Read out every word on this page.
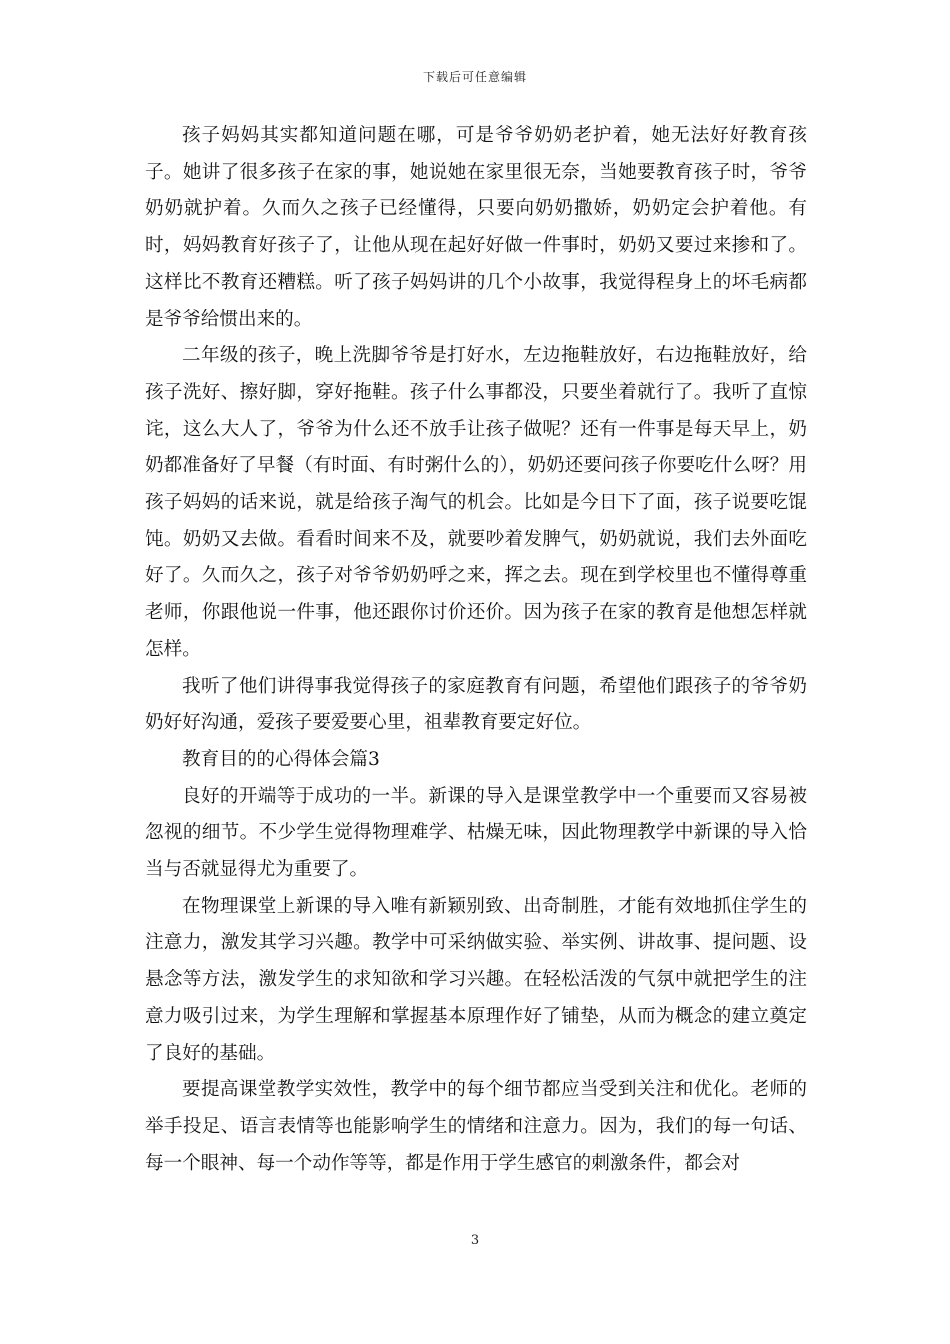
下载后可任意编辑

孩子妈妈其实都知道问题在哪，可是爷爷奶奶老护着，她无法好好教育孩子。她讲了很多孩子在家的事，她说她在家里很无奈，当她要教育孩子时，爷爷奶奶就护着。久而久之孩子已经懂得，只要向奶奶撒娇，奶奶定会护着他。有时，妈妈教育好孩子了，让他从现在起好好做一件事时，奶奶又要过来掺和了。这样比不教育还糟糕。听了孩子妈妈讲的几个小故事，我觉得程身上的坏毛病都是爷爷给惯出来的。

二年级的孩子，晚上洗脚爷爷是打好水，左边拖鞋放好，右边拖鞋放好，给孩子洗好、擦好脚，穿好拖鞋。孩子什么事都没，只要坐着就行了。我听了直惊诧，这么大人了，爷爷为什么还不放手让孩子做呢？还有一件事是每天早上，奶奶都准备好了早餐（有时面、有时粥什么的），奶奶还要问孩子你要吃什么呀？用孩子妈妈的话来说，就是给孩子淘气的机会。比如是今日下了面，孩子说要吃馄饨。奶奶又去做。看看时间来不及，就要吵着发脾气，奶奶就说，我们去外面吃好了。久而久之，孩子对爷爷奶奶呼之来，挥之去。现在到学校里也不懂得尊重老师，你跟他说一件事，他还跟你讨价还价。因为孩子在家的教育是他想怎样就怎样。

我听了他们讲得事我觉得孩子的家庭教育有问题，希望他们跟孩子的爷爷奶奶好好沟通，爱孩子要爱要心里，祖辈教育要定好位。

教育目的的心得体会篇3

良好的开端等于成功的一半。新课的导入是课堂教学中一个重要而又容易被忽视的细节。不少学生觉得物理难学、枯燥无味，因此物理教学中新课的导入恰当与否就显得尤为重要了。

在物理课堂上新课的导入唯有新颖别致、出奇制胜，才能有效地抓住学生的注意力，激发其学习兴趣。教学中可采纳做实验、举实例、讲故事、提问题、设悬念等方法，激发学生的求知欲和学习兴趣。在轻松活泼的气氛中就把学生的注意力吸引过来，为学生理解和掌握基本原理作好了铺垫，从而为概念的建立奠定了良好的基础。

要提高课堂教学实效性，教学中的每个细节都应当受到关注和优化。老师的举手投足、语言表情等也能影响学生的情绪和注意力。因为，我们的每一句话、每一个眼神、每一个动作等等，都是作用于学生感官的刺激条件，都会对

3
